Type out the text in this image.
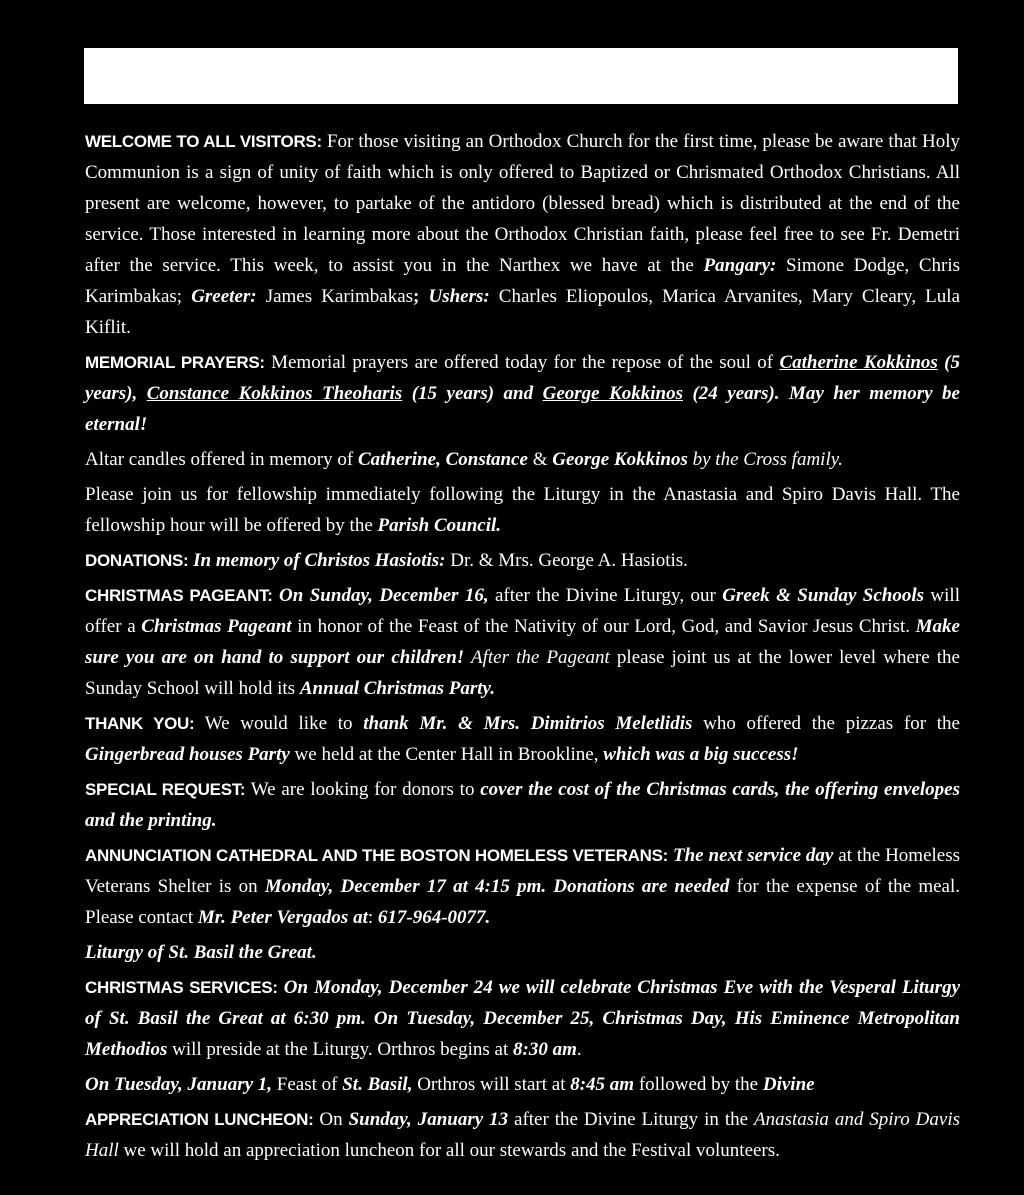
WELCOME TO ALL VISITORS: For those visiting an Orthodox Church for the first time, please be aware that Holy Communion is a sign of unity of faith which is only offered to Baptized or Chrismated Orthodox Christians. All present are welcome, however, to partake of the antidoro (blessed bread) which is distributed at the end of the service. Those interested in learning more about the Orthodox Christian faith, please feel free to see Fr. Demetri after the service. This week, to assist you in the Narthex we have at the Pangary: Simone Dodge, Chris Karimbakas; Greeter: James Karimbakas; Ushers: Charles Eliopoulos, Marica Arvanites, Mary Cleary, Lula Kiflit.

MEMORIAL PRAYERS: Memorial prayers are offered today for the repose of the soul of Catherine Kokkinos (5 years), Constance Kokkinos Theoharis (15 years) and George Kokkinos (24 years). May her memory be eternal!

Altar candles offered in memory of Catherine, Constance & George Kokkinos by the Cross family.

Please join us for fellowship immediately following the Liturgy in the Anastasia and Spiro Davis Hall. The fellowship hour will be offered by the Parish Council.

DONATIONS: In memory of Christos Hasiotis: Dr. & Mrs. George A. Hasiotis.

CHRISTMAS PAGEANT: On Sunday, December 16, after the Divine Liturgy, our Greek & Sunday Schools will offer a Christmas Pageant in honor of the Feast of the Nativity of our Lord, God, and Savior Jesus Christ. Make sure you are on hand to support our children! After the Pageant please joint us at the lower level where the Sunday School will hold its Annual Christmas Party.

THANK YOU: We would like to thank Mr. & Mrs. Dimitrios Meletlidis who offered the pizzas for the Gingerbread houses Party we held at the Center Hall in Brookline, which was a big success!

SPECIAL REQUEST: We are looking for donors to cover the cost of the Christmas cards, the offering envelopes and the printing.

ANNUNCIATION CATHEDRAL AND THE BOSTON HOMELESS VETERANS: The next service day at the Homeless Veterans Shelter is on Monday, December 17 at 4:15 pm. Donations are needed for the expense of the meal. Please contact Mr. Peter Vergados at: 617-964-0077.

Liturgy of St. Basil the Great.

CHRISTMAS SERVICES: On Monday, December 24 we will celebrate Christmas Eve with the Vesperal Liturgy of St. Basil the Great at 6:30 pm. On Tuesday, December 25, Christmas Day, His Eminence Metropolitan Methodios will preside at the Liturgy. Orthros begins at 8:30 am.

On Tuesday, January 1, Feast of St. Basil, Orthros will start at 8:45 am followed by the Divine

APPRECIATION LUNCHEON: On Sunday, January 13 after the Divine Liturgy in the Anastasia and Spiro Davis Hall we will hold an appreciation luncheon for all our stewards and the Festival volunteers.
